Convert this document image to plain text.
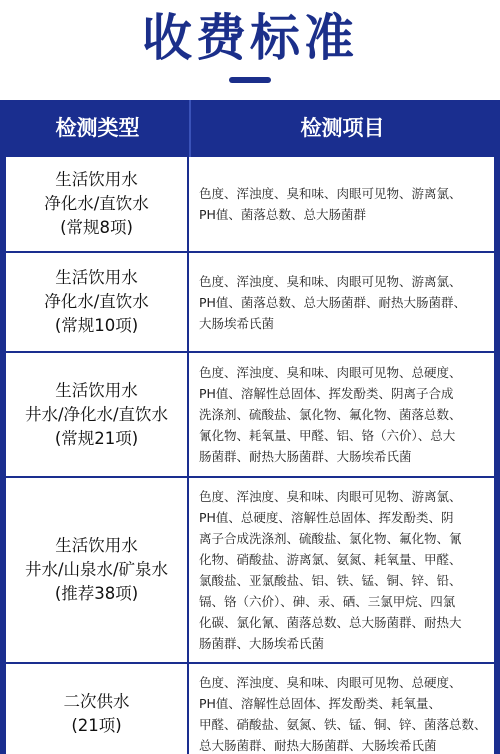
收费标准
检测类型	检测项目
生活饮用水
净化水/直饮水
(常规8项)
色度、浑浊度、臭和味、肉眼可见物、游离氯、
PH值、菌落总数、总大肠菌群
生活饮用水
净化水/直饮水
(常规10项)
色度、浑浊度、臭和味、肉眼可见物、游离氯、
PH值、菌落总数、总大肠菌群、耐热大肠菌群、
大肠埃希氏菌
生活饮用水
井水/净化水/直饮水
(常规21项)
色度、浑浊度、臭和味、肉眼可见物、总硬度、
PH值、溶解性总固体、挥发酚类、阴离子合成
洗涤剂、硫酸盐、氯化物、氟化物、菌落总数、
氰化物、耗氧量、甲醛、铝、铬（六价）、总大
肠菌群、耐热大肠菌群、大肠埃希氏菌
生活饮用水
井水/山泉水/矿泉水
(推荐38项)
色度、浑浊度、臭和味、肉眼可见物、游离氯、
PH值、总硬度、溶解性总固体、挥发酚类、阴
离子合成洗涤剂、硫酸盐、氯化物、氟化物、氰
化物、硝酸盐、游离氯、氨氮、耗氧量、甲醛、
氯酸盐、亚氯酸盐、铝、铁、锰、铜、锌、铅、
镉、铬（六价）、砷、汞、硒、三氯甲烷、四氯
化碳、氯化氰、菌落总数、总大肠菌群、耐热大
肠菌群、大肠埃希氏菌
二次供水
(21项)
色度、浑浊度、臭和味、肉眼可见物、总硬度、
PH值、溶解性总固体、挥发酚类、耗氧量、
甲醛、硝酸盐、氨氮、铁、锰、铜、锌、菌落总数、
总大肠菌群、耐热大肠菌群、大肠埃希氏菌
